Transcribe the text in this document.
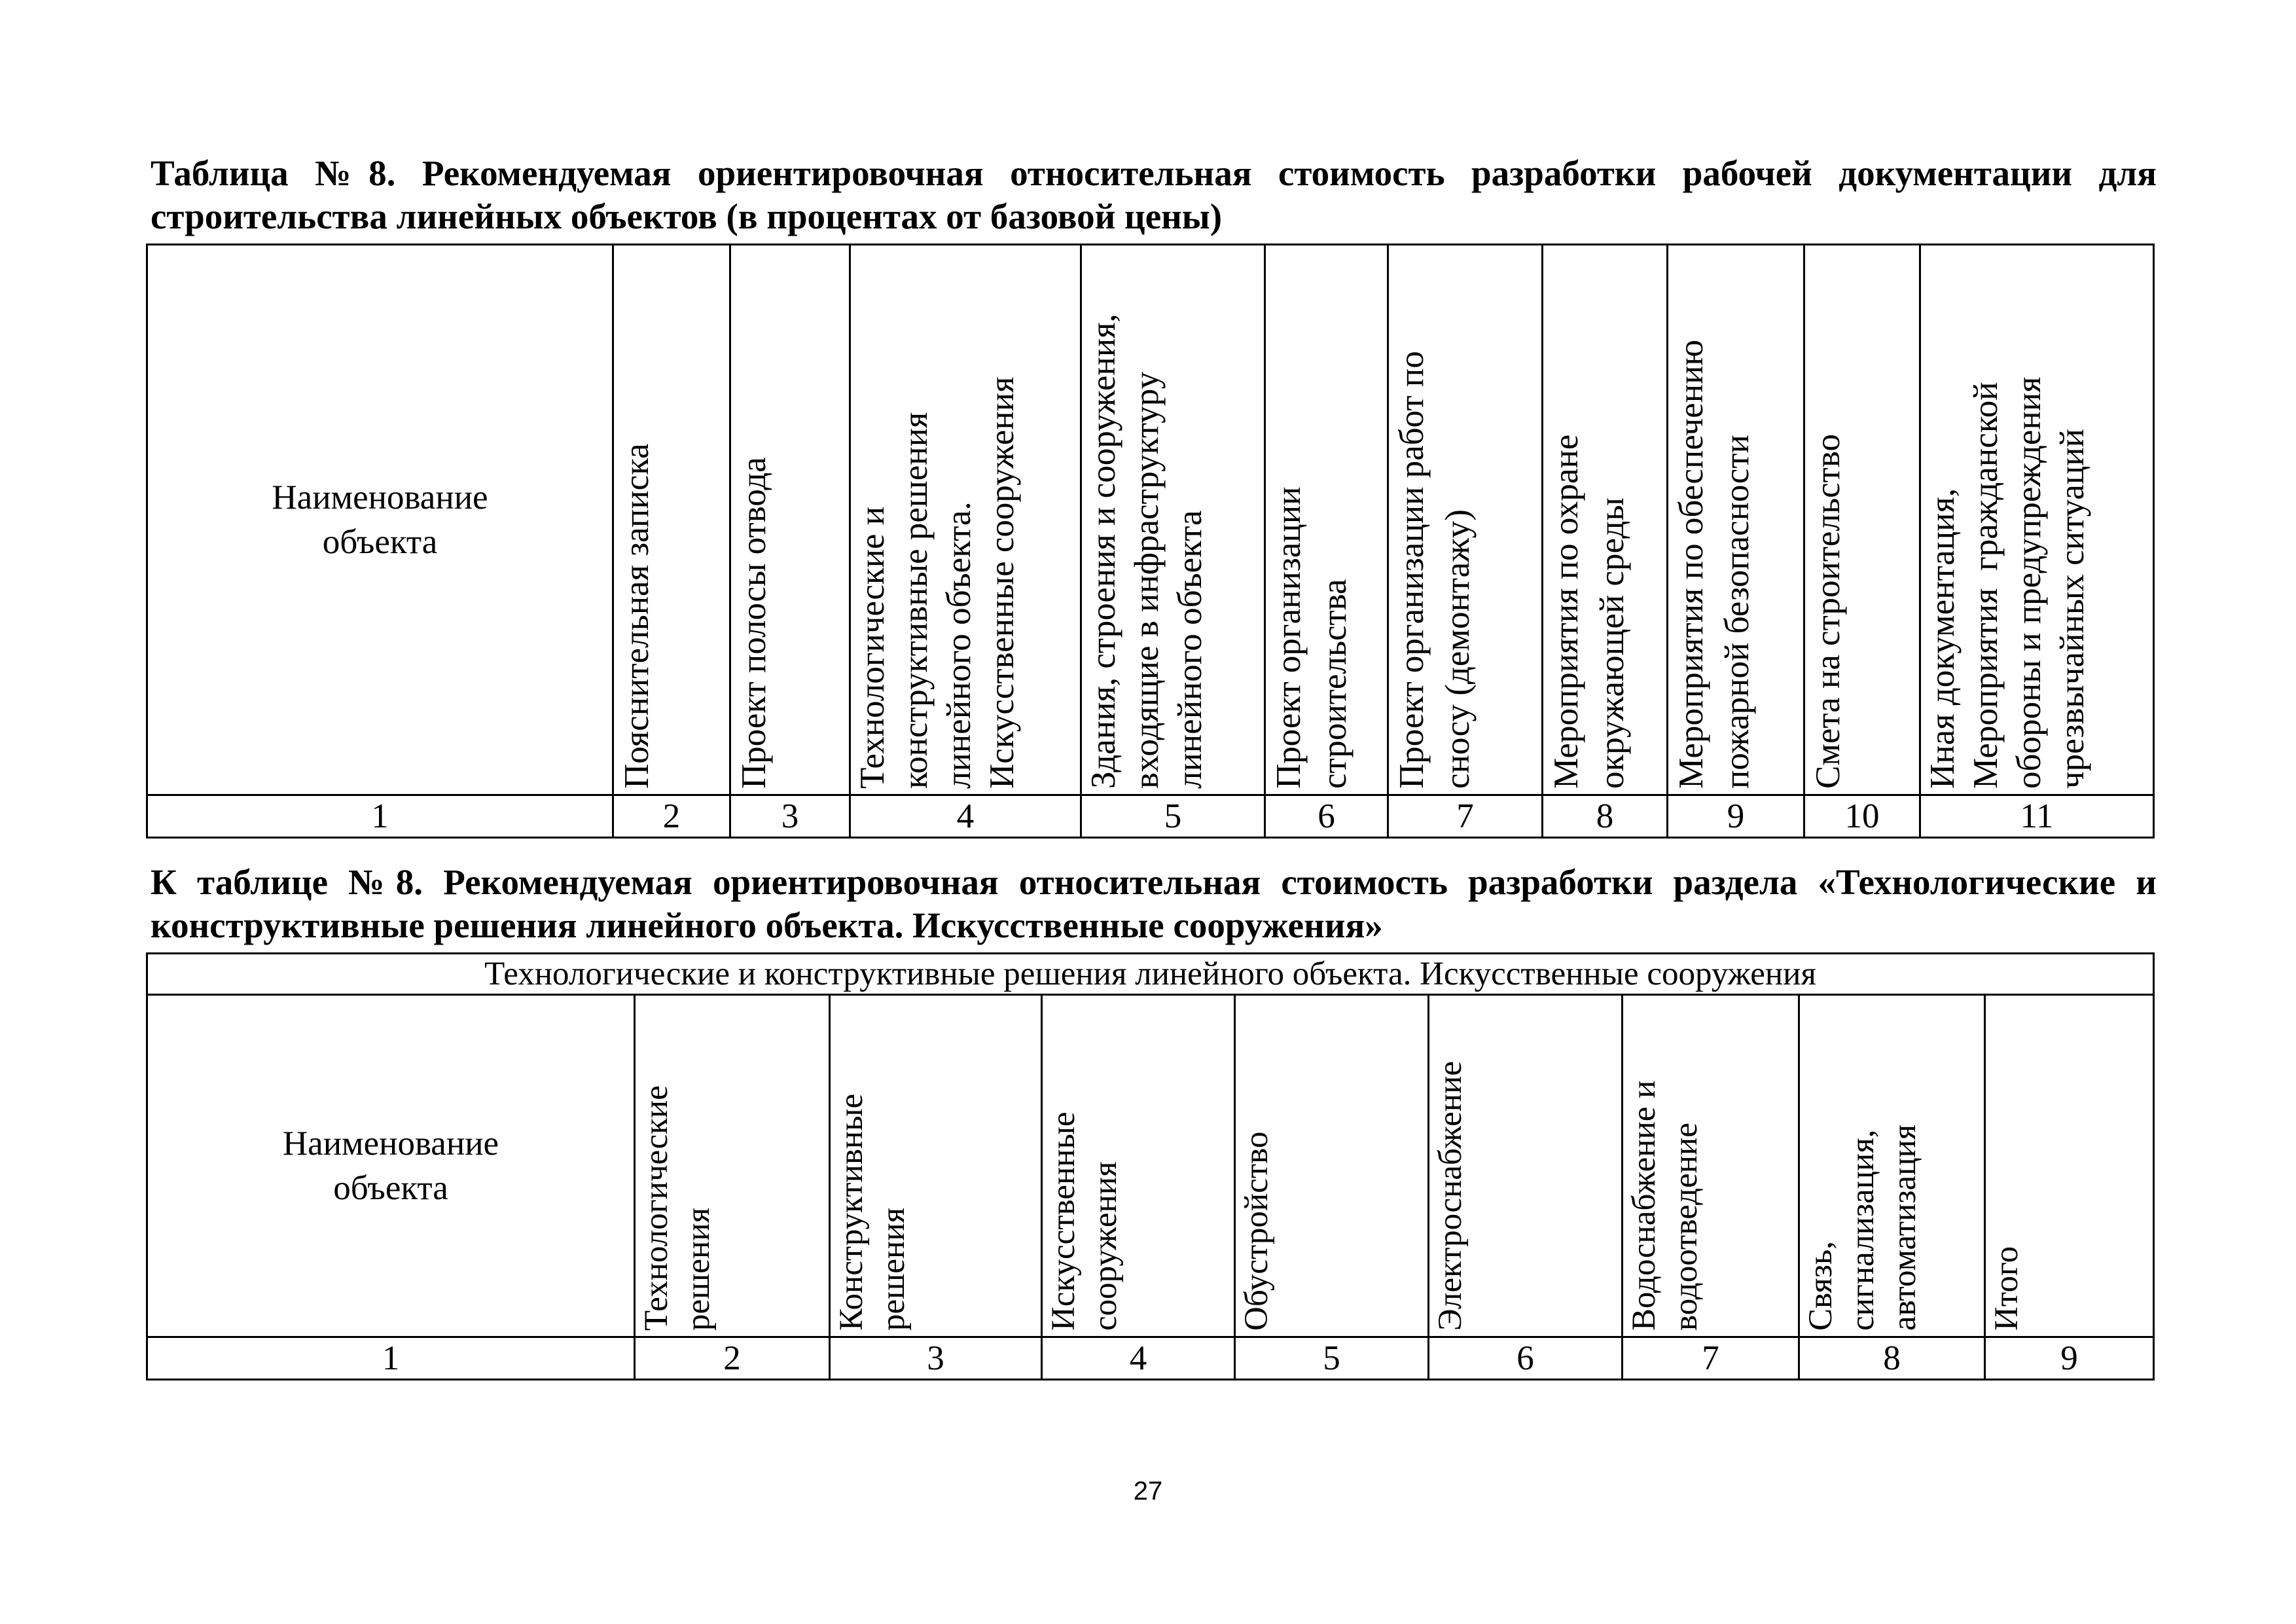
Таблица №8. Рекомендуемая ориентировочная относительная стоимость разработки рабочей документации для строительства линейных объектов (в процентах от базовой цены)

Наименование
объекта	Пояснительная записка	Проект полосы отвода	Технологические и
конструктивные решения
линейного объекта.
Искусственные сооружения	Здания, строения и сооружения,
входящие в инфраструктуру
линейного объекта	Проект организации
строительства	Проект организации работ по
сносу (демонтажу)	Мероприятия по охране
окружающей среды	Мероприятия по обеспечению
пожарной безопасности	Смета на строительство	Иная документация,
Мероприятия  гражданской
обороны и предупреждения
чрезвычайных ситуаций

1	2	3	4	5	6	7	8	9	10	11

К таблице №8. Рекомендуемая ориентировочная относительная стоимость разработки раздела «Технологические и конструктивные решения линейного объекта. Искусственные сооружения»

Технологические и конструктивные решения линейного объекта. Искусственные сооружения								

Наименование
объекта	Технологические
решения	Конструктивные
решения	Искусственные
сооружения	Обустройство	Электроснабжение	Водоснабжение и
водоотведение	Связь,
сигнализация,
автоматизация	Итого

1	2	3	4	5	6	7	8	9
27
